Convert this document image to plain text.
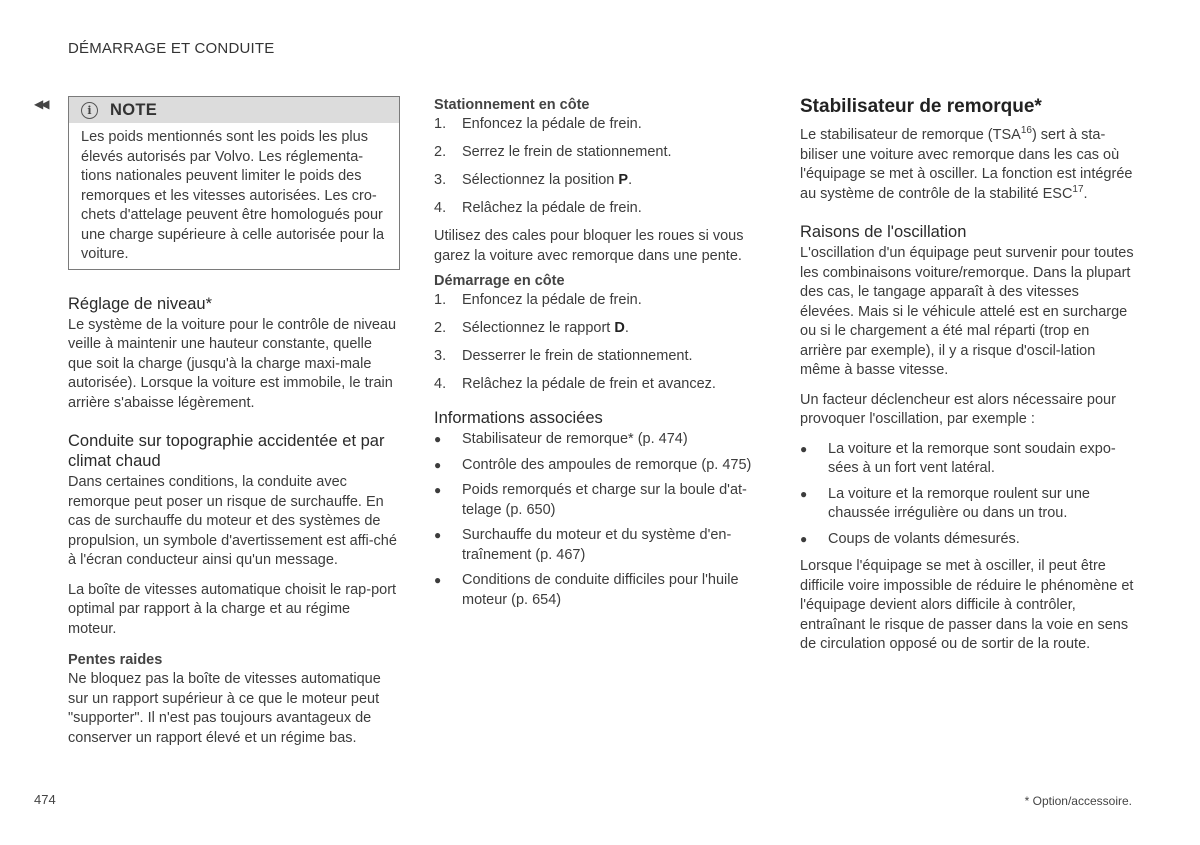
DÉMARRAGE ET CONDUITE
◀◀	i	NOTE

Les poids mentionnés sont les poids les plus élevés autorisés par Volvo. Les réglementa-tions nationales peuvent limiter le poids des remorques et les vitesses autorisées. Les cro-chets d'attelage peuvent être homologués pour une charge supérieure à celle autorisée pour la voiture.

Réglage de niveau*

Le système de la voiture pour le contrôle de niveau veille à maintenir une hauteur constante, quelle que soit la charge (jusqu'à la charge maxi-male autorisée). Lorsque la voiture est immobile, le train arrière s'abaisse légèrement.

Conduite sur topographie accidentée et par climat chaud

Dans certaines conditions, la conduite avec remorque peut poser un risque de surchauffe. En cas de surchauffe du moteur et des systèmes de propulsion, un symbole d'avertissement est affi-ché à l'écran conducteur ainsi qu'un message.

La boîte de vitesses automatique choisit le rap-port optimal par rapport à la charge et au régime moteur.

Pentes raides

Ne bloquez pas la boîte de vitesses automatique sur un rapport supérieur à ce que le moteur peut "supporter". Il n'est pas toujours avantageux de conserver un rapport élevé et un régime bas.

Stationnement en côte
1.	Enfoncez la pédale de frein.
2.	Serrez le frein de stationnement.
3.	Sélectionnez la position P.
4.	Relâchez la pédale de frein.

Utilisez des cales pour bloquer les roues si vous garez la voiture avec remorque dans une pente.

Démarrage en côte
1.	Enfoncez la pédale de frein.
2.	Sélectionnez le rapport D.
3.	Desserrer le frein de stationnement.
4.	Relâchez la pédale de frein et avancez.
Informations associées
●	Stabilisateur de remorque* (p. 474)
●	Contrôle des ampoules de remorque (p. 475)
●	Poids remorqués et charge sur la boule d'at-telage (p. 650)
●	Surchauffe du moteur et du système d'en-traînement (p. 467)
●	Conditions de conduite difficiles pour l'huile moteur (p. 654)
Stabilisateur de remorque*

Le stabilisateur de remorque (TSA$^{16}$) sert à sta-biliser une voiture avec remorque dans les cas où l'équipage se met à osciller. La fonction est intégrée au système de contrôle de la stabilité ESC$^{17}$.

Raisons de l'oscillation

L'oscillation d'un équipage peut survenir pour toutes les combinaisons voiture/remorque. Dans la plupart des cas, le tangage apparaît à des vitesses élevées. Mais si le véhicule attelé est en surcharge ou si le chargement a été mal réparti (trop en arrière par exemple), il y a risque d'oscil-lation même à basse vitesse.

Un facteur déclencheur est alors nécessaire pour provoquer l'oscillation, par exemple :

●	La voiture et la remorque sont soudain expo-sées à un fort vent latéral.
●	La voiture et la remorque roulent sur une chaussée irrégulière ou dans un trou.
●	Coups de volants démesurés.

Lorsque l'équipage se met à osciller, il peut être difficile voire impossible de réduire le phénomène et l'équipage devient alors difficile à contrôler, entraînant le risque de passer dans la voie en sens de circulation opposé ou de sortir de la route.

474	* Option/accessoire.
